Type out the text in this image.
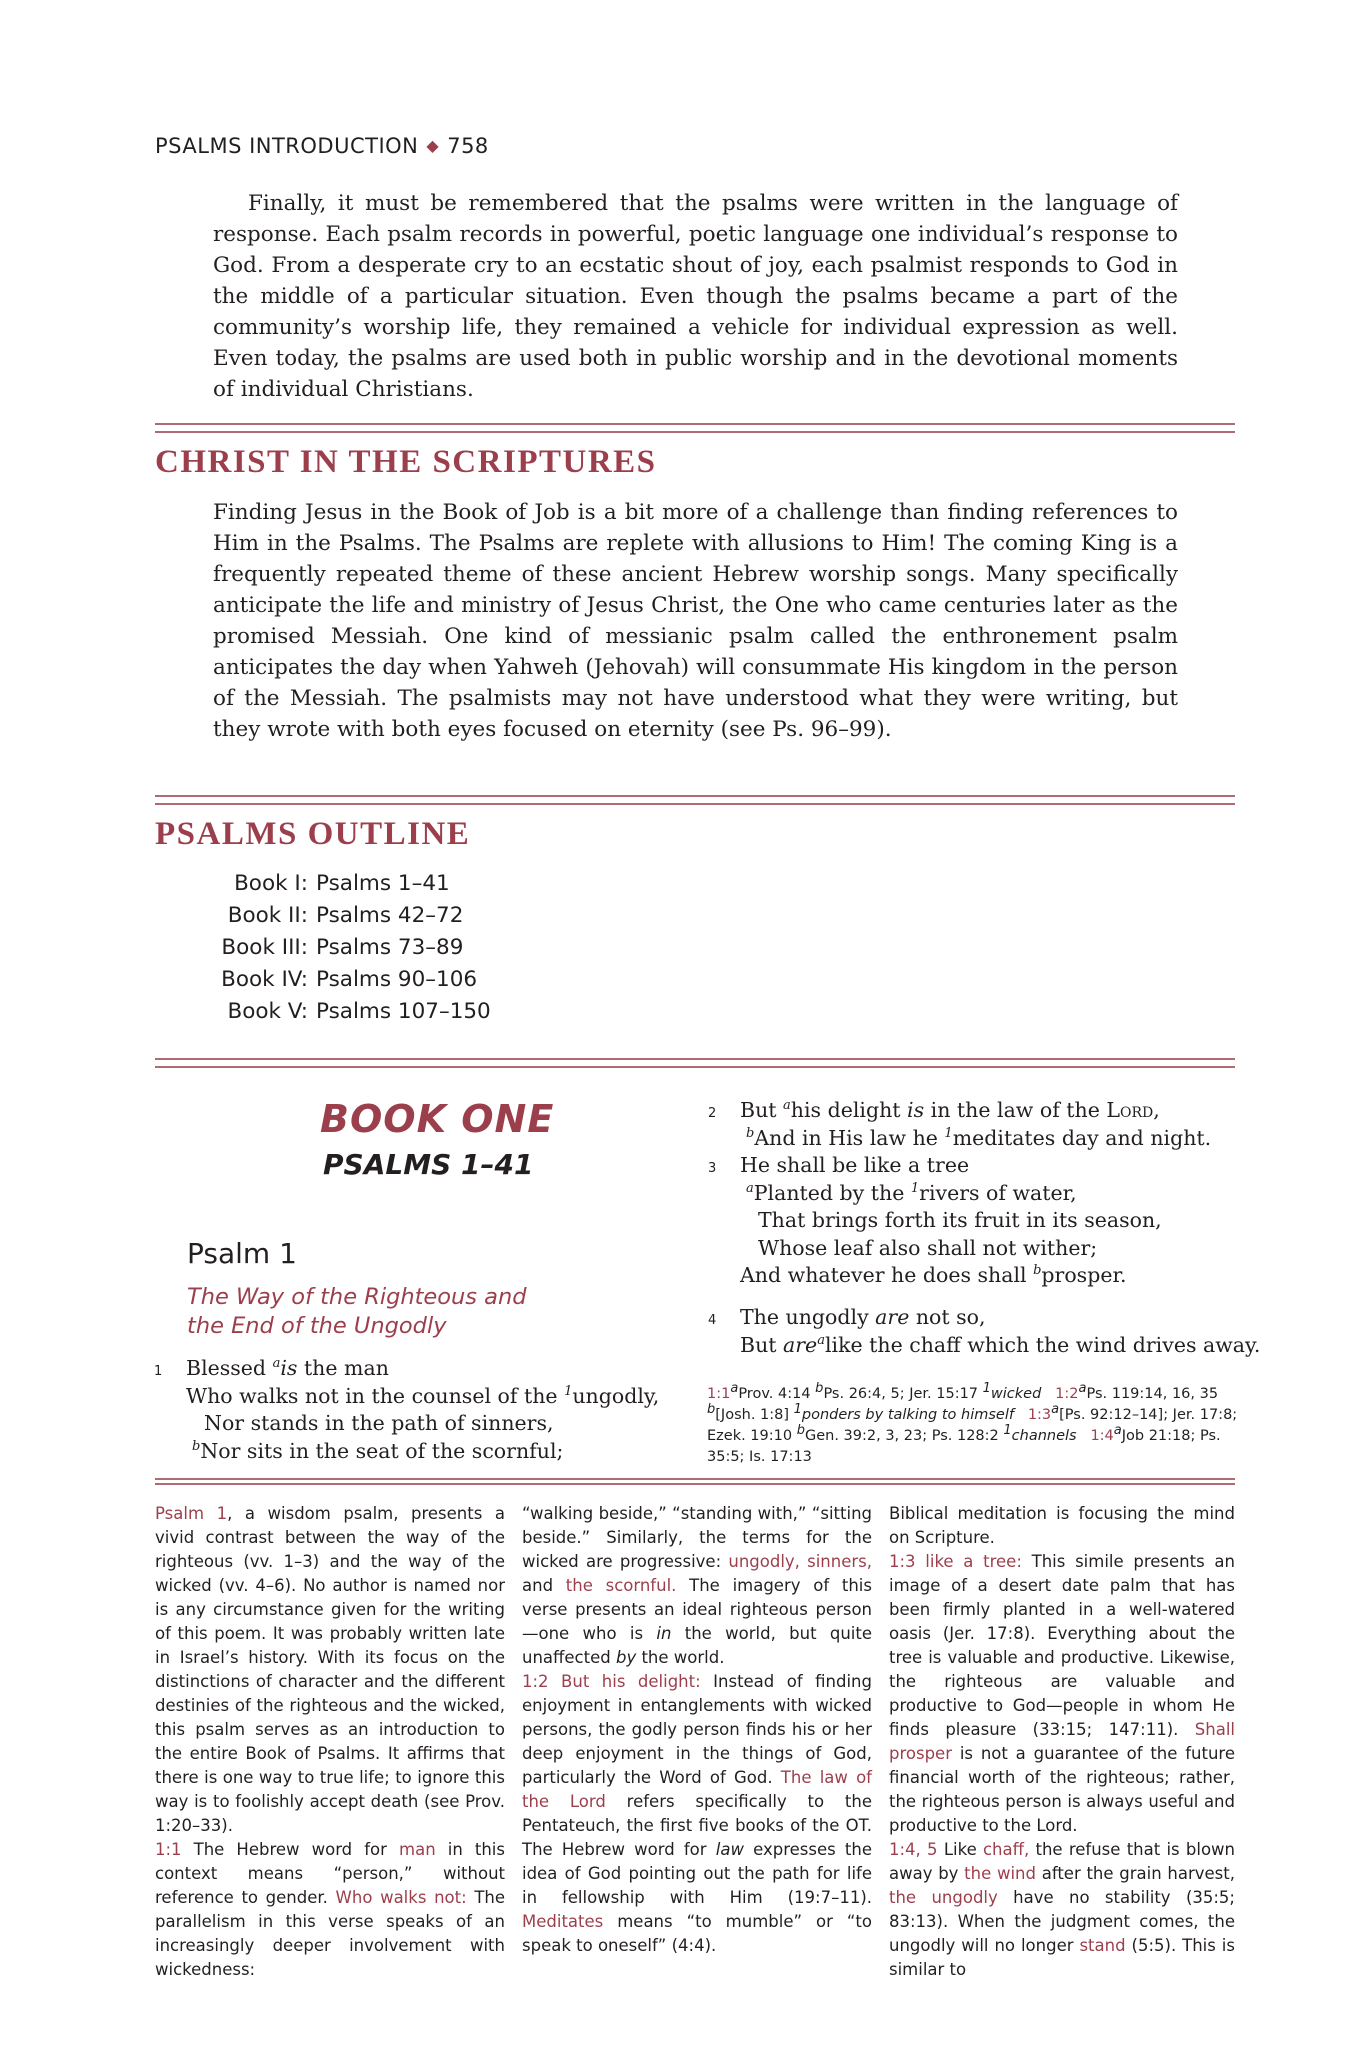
PSALMS INTRODUCTION ◆ 758
Finally, it must be remembered that the psalms were written in the language of response. Each psalm records in powerful, poetic language one individual’s response to God. From a desperate cry to an ecstatic shout of joy, each psalmist responds to God in the middle of a particular situation. Even though the psalms became a part of the community’s worship life, they remained a vehicle for individual expression as well. Even today, the psalms are used both in public worship and in the devotional moments of individual Christians.
CHRIST IN THE SCRIPTURES
Finding Jesus in the Book of Job is a bit more of a challenge than finding references to Him in the Psalms. The Psalms are replete with allusions to Him! The coming King is a frequently repeated theme of these ancient Hebrew worship songs. Many specifically anticipate the life and ministry of Jesus Christ, the One who came centuries later as the promised Messiah. One kind of messianic psalm called the enthronement psalm anticipates the day when Yahweh (Jehovah) will consummate His kingdom in the person of the Messiah. The psalmists may not have understood what they were writing, but they wrote with both eyes focused on eternity (see Ps. 96–99).
PSALMS OUTLINE
Book I: Psalms 1–41
Book II: Psalms 42–72
Book III: Psalms 73–89
Book IV: Psalms 90–106
Book V: Psalms 107–150
BOOK ONE
PSALMS 1–41
Psalm 1
The Way of the Righteous and
the End of the Ungodly
1 Blessed $^a$is the man
Who walks not in the counsel of the $^1$ungodly,
Nor stands in the path of sinners,
$^b$Nor sits in the seat of the scornful;
2 But $^a$his delight is in the law of the Lord,
$^b$And in His law he $^1$meditates day and night.
3 He shall be like a tree
$^a$Planted by the $^1$rivers of water,
That brings forth its fruit in its season,
Whose leaf also shall not wither;
And whatever he does shall $^b$prosper.
4 The ungodly are not so,
But are$^a$like the chaff which the wind drives away.
1:1aProv. 4:14 bPs. 26:4, 5; Jer. 15:17 1wicked 1:2aPs. 119:14, 16, 35 b[Josh. 1:8] 1ponders by talking to himself 1:3a[Ps. 92:12–14]; Jer. 17:8; Ezek. 19:10 bGen. 39:2, 3, 23; Ps. 128:2 1channels 1:4aJob 21:18; Ps. 35:5; Is. 17:13
Psalm 1, a wisdom psalm, presents a vivid contrast between the way of the righteous (vv. 1–3) and the way of the wicked (vv. 4–6). No author is named nor is any circumstance given for the writing of this poem. It was probably written late in Israel’s history. With its focus on the distinctions of character and the different destinies of the righteous and the wicked, this psalm serves as an introduction to the entire Book of Psalms. It affirms that there is one way to true life; to ignore this way is to foolishly accept death (see Prov. 1:20–33).
1:1 The Hebrew word for man in this context means “person,” without reference to gender. Who walks not: The parallelism in this verse speaks of an increasingly deeper involvement with wickedness:
“walking beside,” “standing with,” “sitting beside.” Similarly, the terms for the wicked are progressive: ungodly, sinners, and the scornful. The imagery of this verse presents an ideal righteous person—one who is in the world, but quite unaffected by the world.
1:2 But his delight: Instead of finding enjoyment in entanglements with wicked persons, the godly person finds his or her deep enjoyment in the things of God, particularly the Word of God. The law of the Lord refers specifically to the Pentateuch, the first five books of the OT. The Hebrew word for law expresses the idea of God pointing out the path for life in fellowship with Him (19:7–11). Meditates means “to mumble” or “to speak to oneself” (4:4).
Biblical meditation is focusing the mind on Scripture.
1:3 like a tree: This simile presents an image of a desert date palm that has been firmly planted in a well-watered oasis (Jer. 17:8). Everything about the tree is valuable and productive. Likewise, the righteous are valuable and productive to God—people in whom He finds pleasure (33:15; 147:11). Shall prosper is not a guarantee of the future financial worth of the righteous; rather, the righteous person is always useful and productive to the Lord.
1:4, 5 Like chaff, the refuse that is blown away by the wind after the grain harvest, the ungodly have no stability (35:5; 83:13). When the judgment comes, the ungodly will no longer stand (5:5). This is similar to
